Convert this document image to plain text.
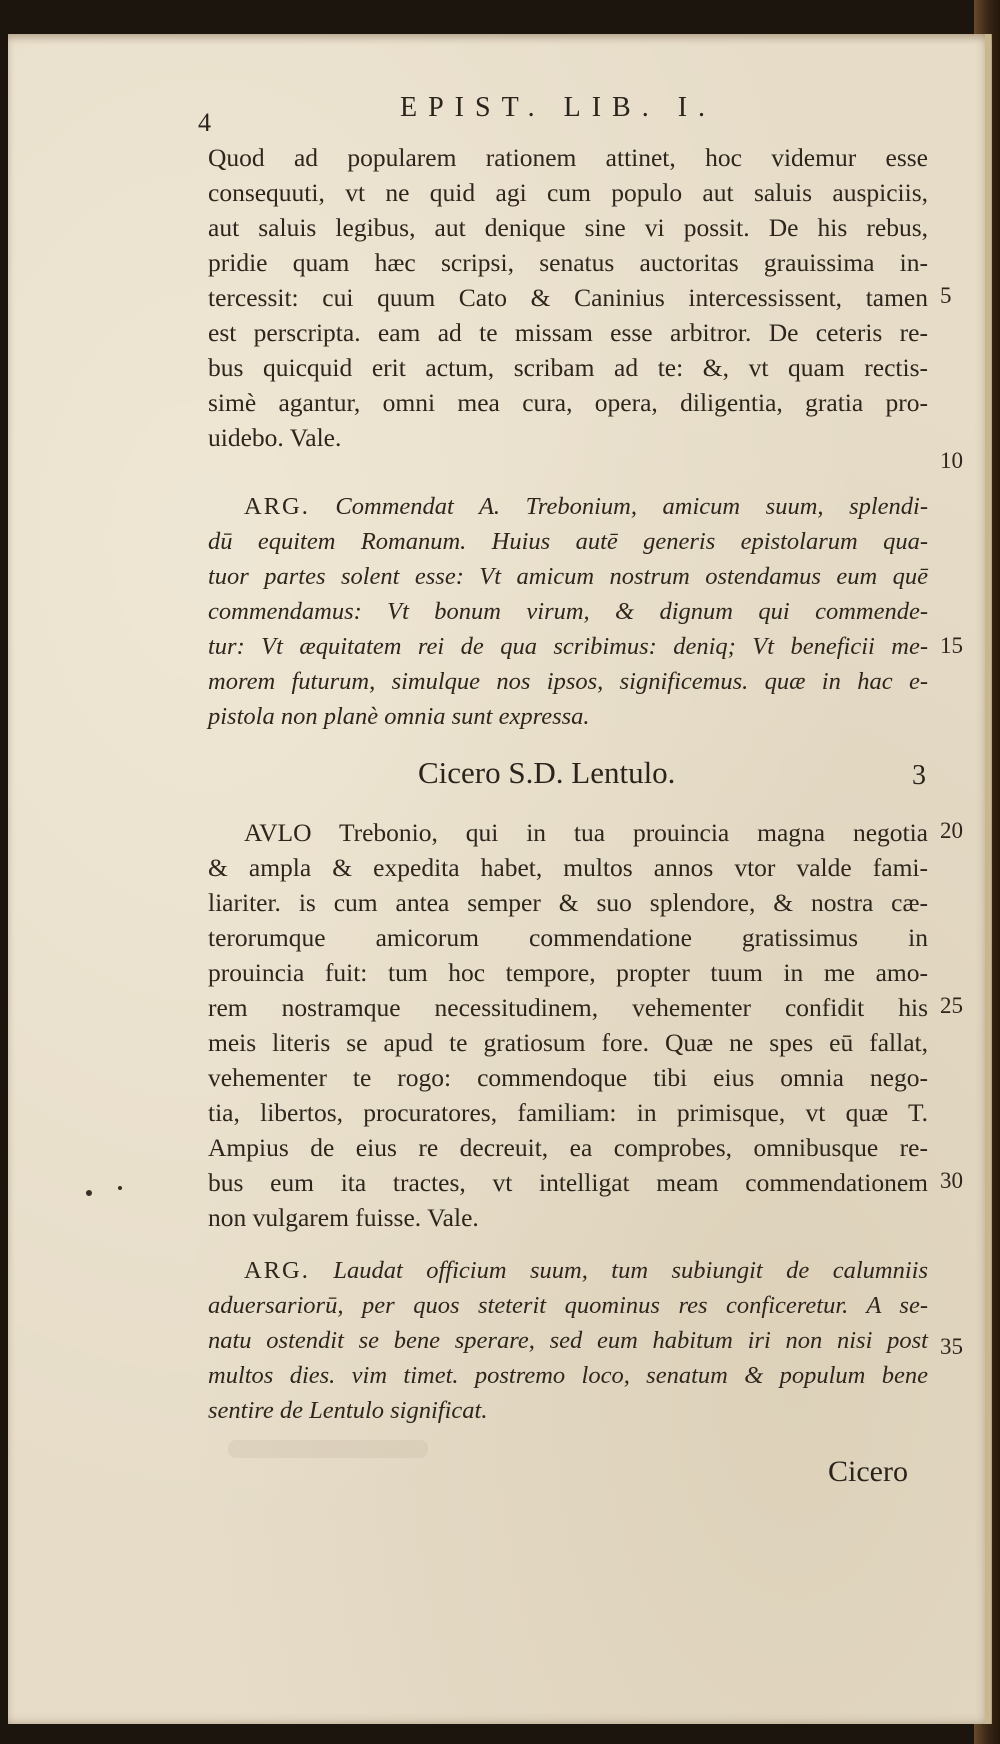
4	EPIST. LIB. I.
Quod ad popularem rationem attinet, hoc videmur esse
consequuti, vt ne quid agi cum populo aut saluis auspiciis,
aut saluis legibus, aut denique sine vi possit. De his rebus,
pridie quam hæc scripsi, senatus auctoritas grauissima in-
tercessit: cui quum Cato & Caninius intercessissent, tamen
est perscripta. eam ad te missam esse arbitror. De ceteris re-
bus quicquid erit actum, scribam ad te: &, vt quam rectis-
simè agantur, omni mea cura, opera, diligentia, gratia pro-
uidebo. Vale.
ARG. Commendat A. Trebonium, amicum suum, splendi-
dū equitem Romanum. Huius autē generis epistolarum qua-
tuor partes solent esse: Vt amicum nostrum ostendamus eum quē
commendamus: Vt bonum virum, & dignum qui commende-
tur: Vt æquitatem rei de qua scribimus: deniq; Vt beneficii me-
morem futurum, simulque nos ipsos, significemus. quæ in hac e-
pistola non planè omnia sunt expressa.
Cicero S.D. Lentulo.	3
AVLO Trebonio, qui in tua prouincia magna negotia
& ampla & expedita habet, multos annos vtor valde fami-
liariter. is cum antea semper & suo splendore, & nostra cæ-
terorumque amicorum commendatione gratissimus in
prouincia fuit: tum hoc tempore, propter tuum in me amo-
rem nostramque necessitudinem, vehementer confidit his
meis literis se apud te gratiosum fore. Quæ ne spes eū fallat,
vehementer te rogo: commendoque tibi eius omnia nego-
tia, libertos, procuratores, familiam: in primisque, vt quæ T.
Ampius de eius re decreuit, ea comprobes, omnibusque re-
bus eum ita tractes, vt intelligat meam commendationem
non vulgarem fuisse. Vale.
ARG. Laudat officium suum, tum subiungit de calumniis
aduersariorū, per quos steterit quominus res conficeretur. A se-
natu ostendit se bene sperare, sed eum habitum iri non nisi post
multos dies. vim timet. postremo loco, senatum & populum bene
sentire de Lentulo significat.
5
10
15
20
25
30
35
Cicero
